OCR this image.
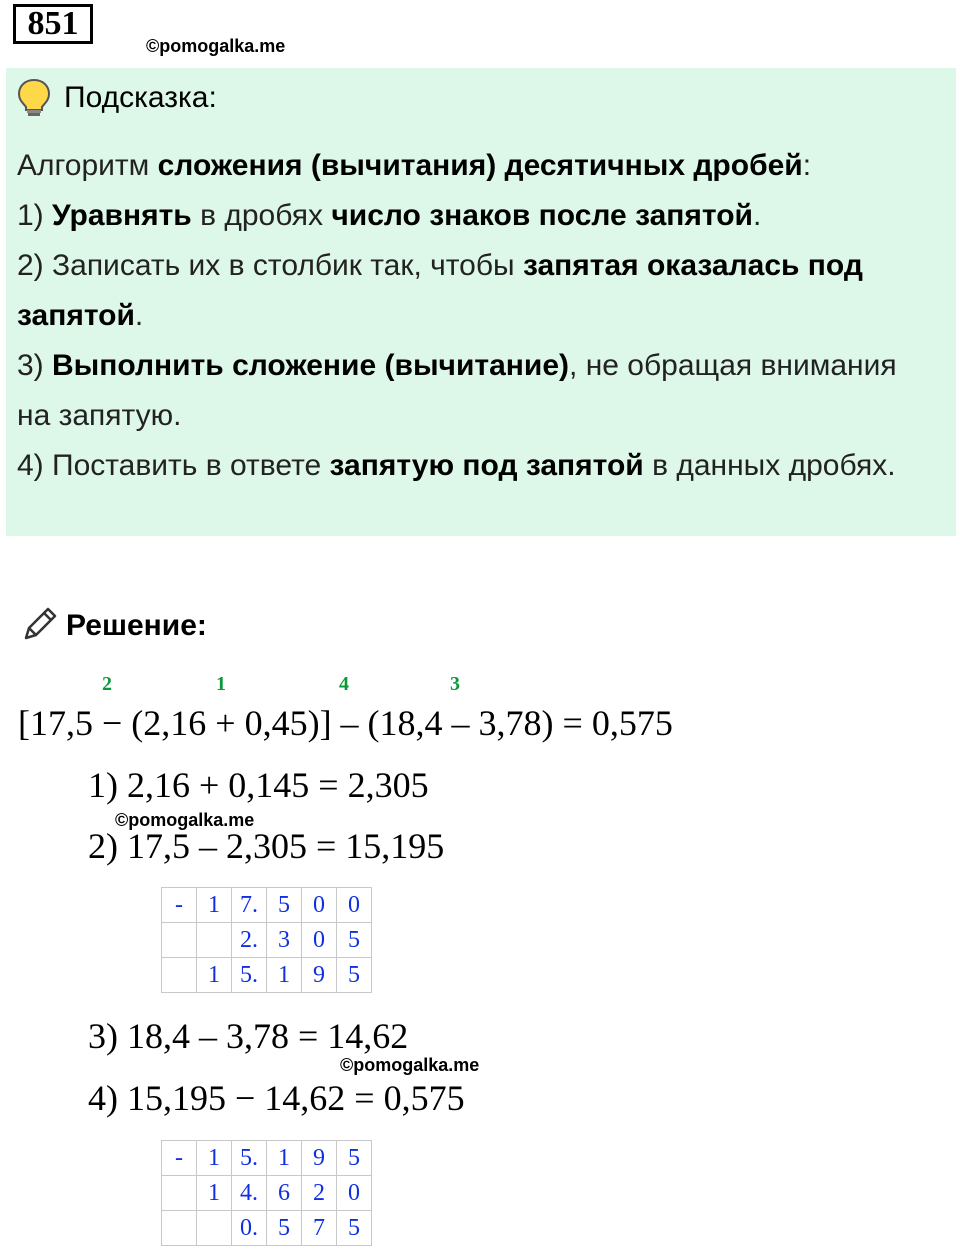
851
©pomogalka.me
Подсказка:
Алгоритм сложения (вычитания) десятичных дробей:
1) Уравнять в дробях число знаков после запятой.
2) Записать их в столбик так, чтобы запятая оказалась под
запятой.
3) Выполнить сложение (вычитание), не обращая внимания
на запятую.
4) Поставить в ответе запятую под запятой в данных дробях.
Решение:
2	1	4	3
[17,5 − (2,16 + 0,45)] – (18,4 – 3,78) = 0,575
1) 2,16 + 0,145 = 2,305
©pomogalka.me
2) 17,5 – 2,305 = 15,195
-	1	7.	5	0	0
		2.	3	0	5
	1	5.	1	9	5
3) 18,4 – 3,78 = 14,62
©pomogalka.me
4) 15,195 − 14,62 = 0,575
-	1	5.	1	9	5
	1	4.	6	2	0
		0.	5	7	5
